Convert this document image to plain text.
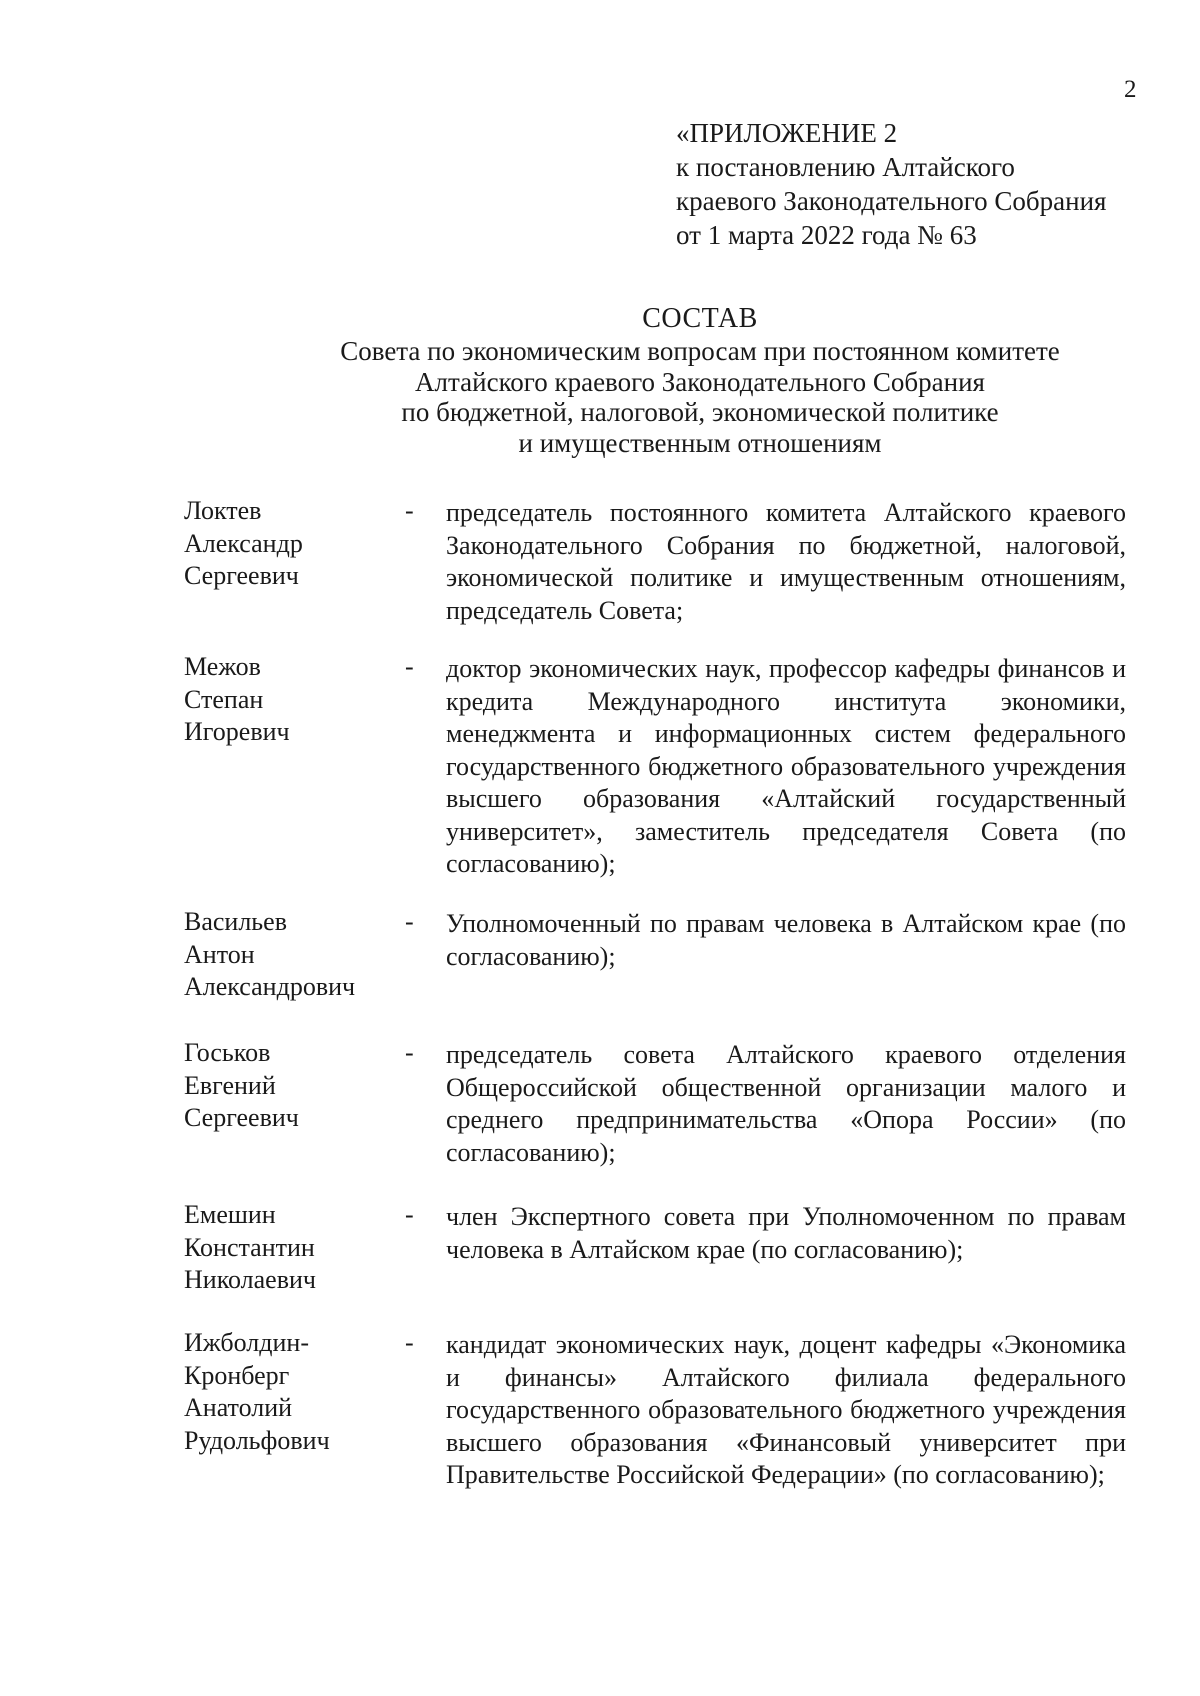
2
«ПРИЛОЖЕНИЕ 2
к постановлению Алтайского
краевого Законодательного Собрания
от 1 марта 2022 года № 63
СОСТАВ
Совета по экономическим вопросам при постоянном комитете
Алтайского краевого Законодательного Собрания
по бюджетной, налоговой, экономической политике
и имущественным отношениям
Локтев
Александр
Сергеевич
- председатель постоянного комитета Алтайского краевого Законодательного Собрания по бюджетной, налоговой, экономической политике и имущественным отношениям, председатель Совета;
Межов
Степан
Игоревич
- доктор экономических наук, профессор кафедры финансов и кредита Международного института экономики, менеджмента и информационных систем федерального государственного бюджетного образовательного учреждения высшего образования «Алтайский государственный университет», заместитель председателя Совета (по согласованию);
Васильев
Антон
Александрович
- Уполномоченный по правам человека в Алтайском крае (по согласованию);
Госьков
Евгений
Сергеевич
- председатель совета Алтайского краевого отделения Общероссийской общественной организации малого и среднего предпринимательства «Опора России» (по согласованию);
Емешин
Константин
Николаевич
- член Экспертного совета при Уполномоченном по правам человека в Алтайском крае (по согласованию);
Ижболдин-
Кронберг
Анатолий
Рудольфович
- кандидат экономических наук, доцент кафедры «Экономика и финансы» Алтайского филиала федерального государственного образовательного бюджетного учреждения высшего образования «Финансовый университет при Правительстве Российской Федерации» (по согласованию);
